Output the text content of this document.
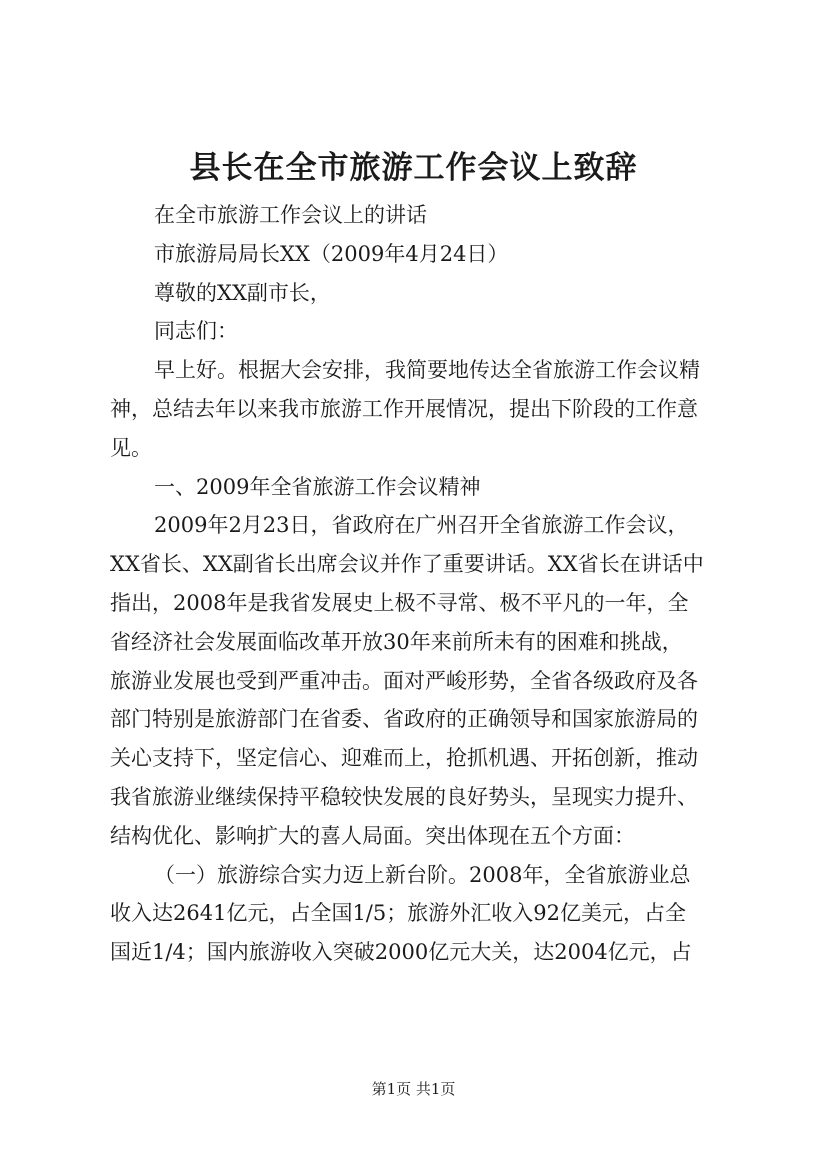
县长在全市旅游工作会议上致辞
在全市旅游工作会议上的讲话
市旅游局局长XX（2009年4月24日）
尊敬的XX副市长，
同志们：
早上好。根据大会安排，我简要地传达全省旅游工作会议精
神，总结去年以来我市旅游工作开展情况，提出下阶段的工作意
见。
一、2009年全省旅游工作会议精神
2009年2月23日，省政府在广州召开全省旅游工作会议，
XX省长、XX副省长出席会议并作了重要讲话。XX省长在讲话中
指出，2008年是我省发展史上极不寻常、极不平凡的一年，全
省经济社会发展面临改革开放30年来前所未有的困难和挑战，
旅游业发展也受到严重冲击。面对严峻形势，全省各级政府及各
部门特别是旅游部门在省委、省政府的正确领导和国家旅游局的
关心支持下，坚定信心、迎难而上，抢抓机遇、开拓创新，推动
我省旅游业继续保持平稳较快发展的良好势头，呈现实力提升、
结构优化、影响扩大的喜人局面。突出体现在五个方面：
（一）旅游综合实力迈上新台阶。2008年，全省旅游业总
收入达2641亿元，占全国1/5；旅游外汇收入92亿美元，占全
国近1/4；国内旅游收入突破2000亿元大关，达2004亿元，占
第1页 共1页
